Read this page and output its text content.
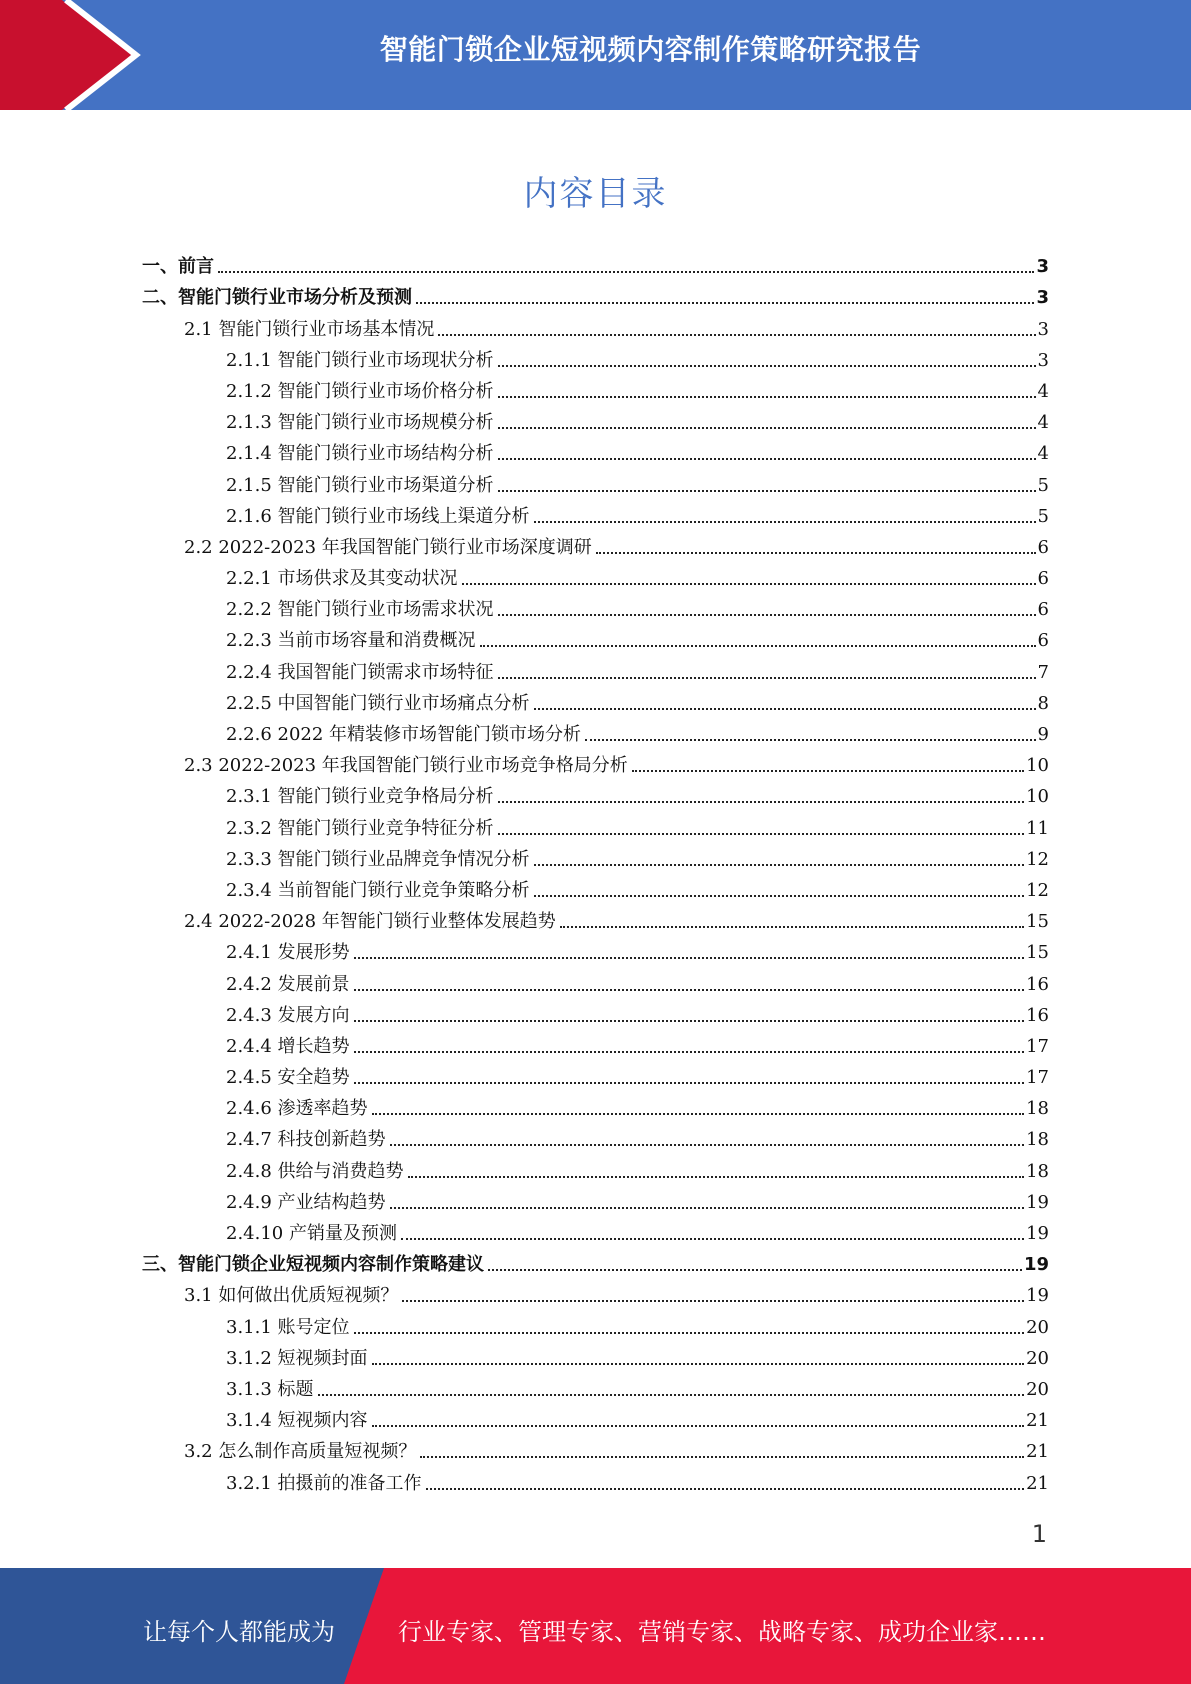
智能门锁企业短视频内容制作策略研究报告
内容目录
一、前言	3
二、智能门锁行业市场分析及预测	3
2.1 智能门锁行业市场基本情况	3
2.1.1 智能门锁行业市场现状分析	3
2.1.2 智能门锁行业市场价格分析	4
2.1.3 智能门锁行业市场规模分析	4
2.1.4 智能门锁行业市场结构分析	4
2.1.5 智能门锁行业市场渠道分析	5
2.1.6 智能门锁行业市场线上渠道分析	5
2.2 2022-2023 年我国智能门锁行业市场深度调研	6
2.2.1 市场供求及其变动状况	6
2.2.2 智能门锁行业市场需求状况	6
2.2.3 当前市场容量和消费概况	6
2.2.4 我国智能门锁需求市场特征	7
2.2.5 中国智能门锁行业市场痛点分析	8
2.2.6 2022 年精装修市场智能门锁市场分析	9
2.3 2022-2023 年我国智能门锁行业市场竞争格局分析	10
2.3.1 智能门锁行业竞争格局分析	10
2.3.2 智能门锁行业竞争特征分析	11
2.3.3 智能门锁行业品牌竞争情况分析	12
2.3.4 当前智能门锁行业竞争策略分析	12
2.4 2022-2028 年智能门锁行业整体发展趋势	15
2.4.1 发展形势	15
2.4.2 发展前景	16
2.4.3 发展方向	16
2.4.4 增长趋势	17
2.4.5 安全趋势	17
2.4.6 渗透率趋势	18
2.4.7 科技创新趋势	18
2.4.8 供给与消费趋势	18
2.4.9 产业结构趋势	19
2.4.10 产销量及预测	19
三、智能门锁企业短视频内容制作策略建议	19
3.1 如何做出优质短视频？	19
3.1.1 账号定位	20
3.1.2 短视频封面	20
3.1.3 标题	20
3.1.4 短视频内容	21
3.2 怎么制作高质量短视频？	21
3.2.1 拍摄前的准备工作	21
1
让每个人都能成为	行业专家、管理专家、营销专家、战略专家、成功企业家……
